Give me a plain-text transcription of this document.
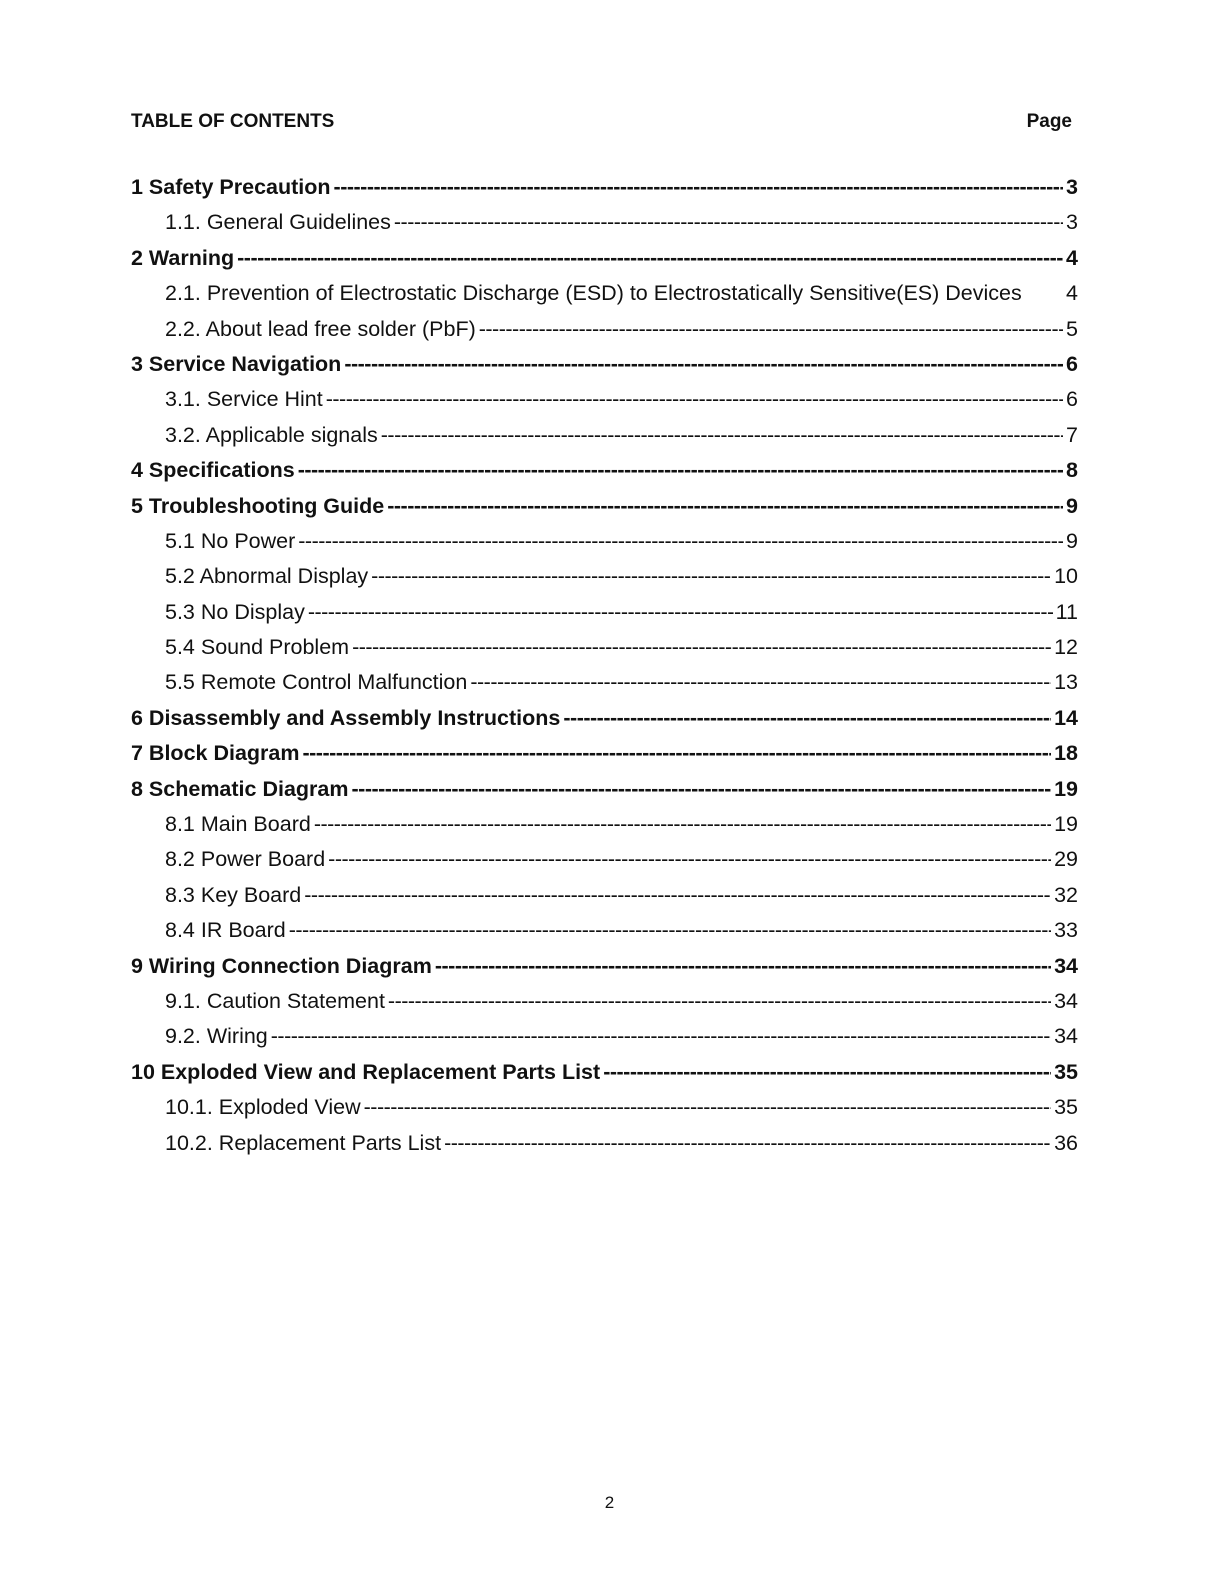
TABLE OF CONTENTS	Page
1 Safety Precaution -----	3
1.1. General Guidelines -----	3
2 Warning -----	4
2.1. Prevention of Electrostatic Discharge (ESD) to Electrostatically Sensitive(ES) Devices 4
2.2. About lead free solder (PbF) -----	5
3 Service Navigation -----	6
3.1. Service Hint -----	6
3.2. Applicable signals -----	7
4 Specifications -----	8
5 Troubleshooting Guide -----	9
5.1 No Power -----	9
5.2 Abnormal Display -----	10
5.3 No Display -----	11
5.4 Sound Problem -----	12
5.5 Remote Control Malfunction -----	13
6 Disassembly and Assembly Instructions -----	14
7 Block Diagram -----	18
8 Schematic Diagram -----	19
8.1 Main Board -----	19
8.2 Power Board -----	29
8.3 Key Board -----	32
8.4 IR Board -----	33
9 Wiring Connection Diagram -----	34
9.1. Caution Statement -----	34
9.2. Wiring -----	34
10 Exploded View and Replacement Parts List -----	35
10.1. Exploded View -----	35
10.2. Replacement Parts List -----	36
2
